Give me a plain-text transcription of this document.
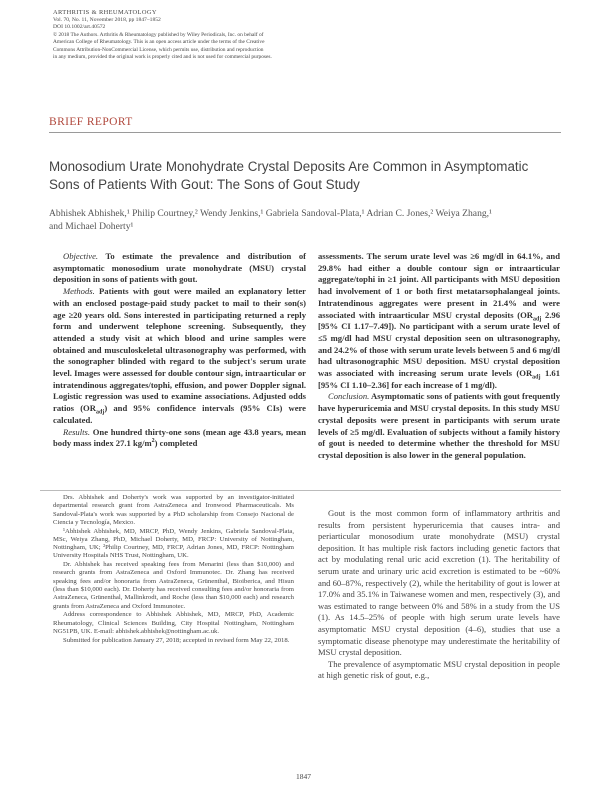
ARTHRITIS & RHEUMATOLOGY
Vol. 70, No. 11, November 2018, pp 1847–1852
DOI 10.1002/art.40572
© 2018 The Authors. Arthritis & Rheumatology published by Wiley Periodicals, Inc. on behalf of
American College of Rheumatology. This is an open access article under the terms of the Creative
Commons Attribution-NonCommercial License, which permits use, distribution and reproduction
in any medium, provided the original work is properly cited and is not used for commercial purposes.
BRIEF REPORT
Monosodium Urate Monohydrate Crystal Deposits Are Common in Asymptomatic
Sons of Patients With Gout: The Sons of Gout Study
Abhishek Abhishek,¹ Philip Courtney,² Wendy Jenkins,¹ Gabriela Sandoval-Plata,¹ Adrian C. Jones,² Weiya Zhang,¹
and Michael Doherty¹

Objective. To estimate the prevalence and distribution of asymptomatic monosodium urate monohydrate (MSU) crystal deposition in sons of patients with gout.

Methods. Patients with gout were mailed an explanatory letter with an enclosed postage-paid study packet to mail to their son(s) age ≥20 years old. Sons interested in participating returned a reply form and underwent telephone screening. Subsequently, they attended a study visit at which blood and urine samples were obtained and musculoskeletal ultrasonography was performed, with the sonographer blinded with regard to the subject's serum urate level. Images were assessed for double contour sign, intraarticular or intratendinous aggregates/tophi, effusion, and power Doppler signal. Logistic regression was used to examine associations. Adjusted odds ratios $(OR_{adj})$ and 95% confidence intervals (95% CIs) were calculated.

Results. One hundred thirty-one sons (mean age 43.8 years, mean body mass index 27.1 $kg/m^2$) completed

assessments. The serum urate level was ≥6 mg/dl in 64.1%, and 29.8% had either a double contour sign or intraarticular aggregate/tophi in ≥1 joint. All participants with MSU deposition had involvement of 1 or both first metatarsophalangeal joints. Intratendinous aggregates were present in 21.4% and were associated with intraarticular MSU crystal deposits ($OR_{adj}$ 2.96 [95% CI 1.17–7.49]). No participant with a serum urate level of ≤5 mg/dl had MSU crystal deposition seen on ultrasonography, and 24.2% of those with serum urate levels between 5 and 6 mg/dl had ultrasonographic MSU deposition. MSU crystal deposition was associated with increasing serum urate levels ($OR_{adj}$ 1.61 [95% CI 1.10–2.36] for each increase of 1 mg/dl).

Conclusion. Asymptomatic sons of patients with gout frequently have hyperuricemia and MSU crystal deposits. In this study MSU crystal deposits were present in participants with serum urate levels of ≥5 mg/dl. Evaluation of subjects without a family history of gout is needed to determine whether the threshold for MSU crystal deposition is also lower in the general population.

Drs. Abhishek and Doherty's work was supported by an investigator-initiated departmental research grant from AstraZeneca and Ironwood Pharmaceuticals. Ms Sandoval-Plata's work was supported by a PhD scholarship from Consejo Nacional de Ciencia y Tecnología, Mexico.

¹Abhishek Abhishek, MD, MRCP, PhD, Wendy Jenkins, Gabriela Sandoval-Plata, MSc, Weiya Zhang, PhD, Michael Doherty, MD, FRCP: University of Nottingham, Nottingham, UK; ²Philip Courtney, MD, FRCP, Adrian Jones, MD, FRCP: Nottingham University Hospitals NHS Trust, Nottingham, UK.

Dr. Abhishek has received speaking fees from Menarini (less than $10,000) and research grants from AstraZeneca and Oxford Immunotec. Dr. Zhang has received speaking fees and/or honoraria from AstraZeneca, Grünenthal, Bioiberica, and Hisun (less than $10,000 each). Dr. Doherty has received consulting fees and/or honoraria from AstraZeneca, Grünenthal, Mallinkrodt, and Roche (less than $10,000 each) and research grants from AstraZeneca and Oxford Immunotec.

Address correspondence to Abhishek Abhishek, MD, MRCP, PhD, Academic Rheumatology, Clinical Sciences Building, City Hospital Nottingham, Nottingham NG51PB, UK. E-mail: abhishek.abhishek@nottingham.ac.uk.

Submitted for publication January 27, 2018; accepted in revised form May 22, 2018.

Gout is the most common form of inflammatory arthritis and results from persistent hyperuricemia that causes intra- and periarticular monosodium urate monohydrate (MSU) crystal deposition. It has multiple risk factors including genetic factors that act by modulating renal uric acid excretion (1). The heritability of serum urate and urinary uric acid excretion is estimated to be ~60% and 60–87%, respectively (2), while the heritability of gout is lower at 17.0% and 35.1% in Taiwanese women and men, respectively (3), and was estimated to range between 0% and 58% in a study from the US (1). As 14.5–25% of people with high serum urate levels have asymptomatic MSU crystal deposition (4–6), studies that use a symptomatic disease phenotype may underestimate the heritability of MSU crystal deposition.

The prevalence of asymptomatic MSU crystal deposition in people at high genetic risk of gout, e.g.,

1847
